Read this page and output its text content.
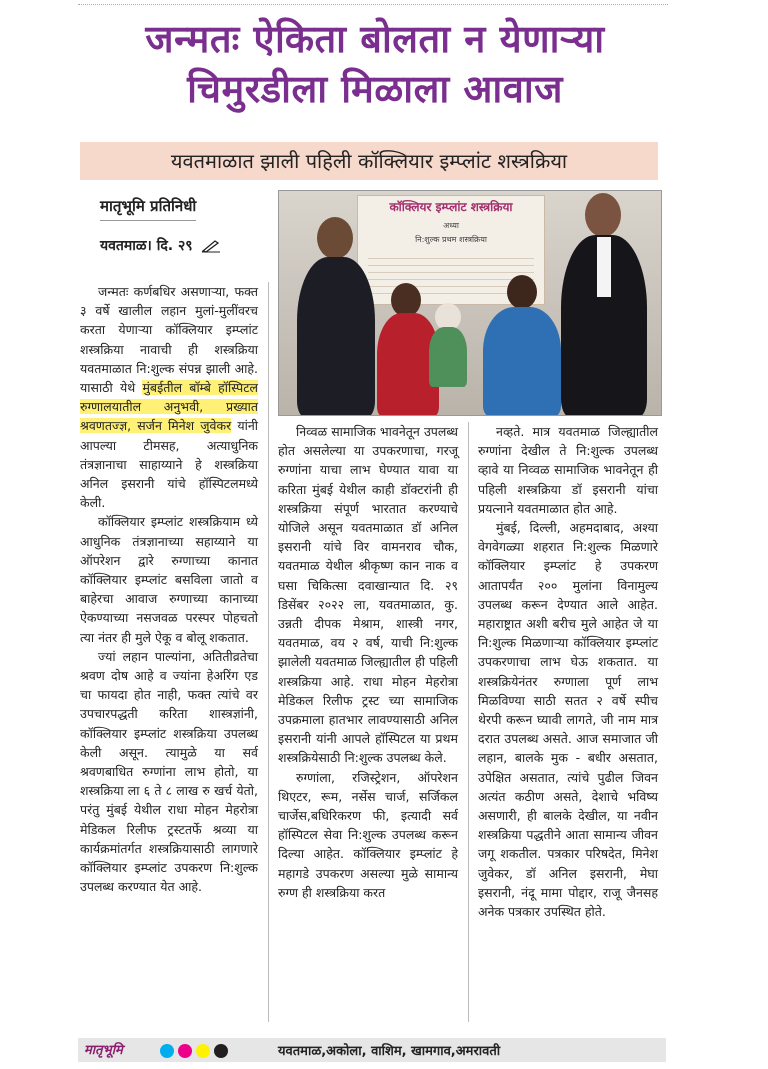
जन्मतः ऐकिता बोलता न येणाऱ्या
चिमुरडीला मिळाला आवाज
यवतमाळात झाली पहिली कॉक्लियार इम्प्लांट शस्त्रक्रिया
मातृभूमि प्रतिनिधी
यवतमाळ। दि. २९
कॉक्लियर इम्प्लांट शस्त्रक्रिया
अध्या
नि:शुल्क प्रथम शस्त्रक्रिया

जन्मतः कर्णबधिर असणाऱ्या, फक्त ३ वर्षे खालील लहान मुलां-मुलींवरच करता येणाऱ्या कॉक्लियार इम्प्लांट शस्त्रक्रिया नावाची ही शस्त्रक्रिया यवतमाळात नि:शुल्क संपन्न झाली आहे. यासाठी येथे मुंबईतील बॉम्बे हॉस्पिटल रुग्णालयातील अनुभवी, प्रख्यात श्रवणतज्ज्ञ, सर्जन मिनेश जुवेकर यांनी आपल्या टीमसह, अत्याधुनिक तंत्रज्ञानाचा साहाय्याने हे शस्त्रक्रिया अनिल इसरानी यांचे हॉस्पिटलमध्ये केली.

कॉक्लियार इम्प्लांट शस्त्रक्रियाम ध्ये आधुनिक तंत्रज्ञानाच्या सहाय्याने या ऑपरेशन द्वारे रुग्णाच्या कानात कॉक्लियार इम्प्लांट बसविला जातो व बाहेरचा आवाज रुग्णाच्या कानाच्या ऐकण्याच्या नसजवळ परस्पर पोहचतो त्या नंतर ही मुले ऐकू व बोलू शकतात.

ज्यां लहान पाल्यांना, अतितीव्रतेचा श्रवण दोष आहे व ज्यांना हेअरिंग एड चा फायदा होत नाही, फक्त त्यांचे वर उपचारपद्धती करिता शास्त्रज्ञांनी, कॉक्लियार इम्प्लांट शस्त्रक्रिया उपलब्ध केली असून. त्यामुळे या सर्व श्रवणबाधित रुग्णांना लाभ होतो, या शस्त्रक्रिया ला ६ ते ८ लाख रु खर्च येतो, परंतु मुंबई येथील राधा मोहन मेहरोत्रा मेडिकल रिलीफ ट्रस्टतर्फे श्रव्या या कार्यक्रमांतर्गत शस्त्रक्रियासाठी लागणारे कॉक्लियार इम्प्लांट उपकरण नि:शुल्क उपलब्ध करण्यात येत आहे.

निव्वळ सामाजिक भावनेतून उपलब्ध होत असलेल्या या उपकरणाचा, गरजू रुग्णांना याचा लाभ घेण्यात यावा या करिता मुंबई येथील काही डॉक्टरांनी ही शस्त्रक्रिया संपूर्ण भारतात करण्याचे योजिले असून यवतमाळात डॉ अनिल इसरानी यांचे विर वामनराव चौक, यवतमाळ येथील श्रीकृष्ण कान नाक व घसा चिकित्सा दवाखान्यात दि. २९ डिसेंबर २०२२ ला, यवतमाळात, कु. उन्नती दीपक मेश्राम, शास्त्री नगर, यवतमाळ, वय २ वर्ष, याची नि:शुल्क झालेली यवतमाळ जिल्ह्यातील ही पहिली शस्त्रक्रिया आहे. राधा मोहन मेहरोत्रा मेडिकल रिलीफ ट्रस्ट च्या सामाजिक उपक्रमाला हातभार लावण्यासाठी अनिल इसरानी यांनी आपले हॉस्पिटल या प्रथम शस्त्रक्रियेसाठी नि:शुल्क उपलब्ध केले.

रुग्णांला, रजिस्ट्रेशन, ऑपरेशन थिएटर, रूम, नर्सेस चार्ज, सर्जिकल चार्जेस,बधिरिकरण फी, इत्यादी सर्व हॉस्पिटल सेवा नि:शुल्क उपलब्ध करून दिल्या आहेत. कॉक्लियार इम्प्लांट हे महागडे उपकरण असल्या मुळे सामान्य रुग्ण ही शस्त्रक्रिया करत

नव्हते. मात्र यवतमाळ जिल्ह्यातील रुग्णांना देखील ते नि:शुल्क उपलब्ध व्हावे या निव्वळ सामाजिक भावनेतून ही पहिली शस्त्रक्रिया डॉ इसरानी यांचा प्रयत्नाने यवतमाळात होत आहे.

मुंबई, दिल्ली, अहमदाबाद, अश्या वेगवेगळ्या शहरात नि:शुल्क मिळणारे कॉक्लियार इम्प्लांट हे उपकरण आतापर्यंत २०० मुलांना विनामुल्य उपलब्ध करून देण्यात आले आहेत. महाराष्ट्रात अशी बरीच मुले आहेत जे या नि:शुल्क मिळणाऱ्या कॉक्लियार इम्प्लांट उपकरणाचा लाभ घेऊ शकतात. या शस्त्रक्रियेनंतर रुग्णाला पूर्ण लाभ मिळविण्या साठी सतत २ वर्षे स्पीच थेरपी करून घ्यावी लागते, जी नाम मात्र दरात उपलब्ध असते. आज समाजात जी लहान, बालके मुक - बधीर असतात, उपेक्षित असतात, त्यांचे पुढील जिवन अत्यंत कठीण असते, देशाचे भविष्य असणारी, ही बालके देखील, या नवीन शस्त्रक्रिया पद्धतीने आता सामान्य जीवन जगू शकतील. पत्रकार परिषदेत, मिनेश जुवेकर, डॉ अनिल इसरानी, मेघा इसरानी, नंदू मामा पोद्दार, राजू जैनसह अनेक पत्रकार उपस्थित होते.

मातृभूमि	यवतमाळ,अकोला, वाशिम, खामगाव,अमरावती
